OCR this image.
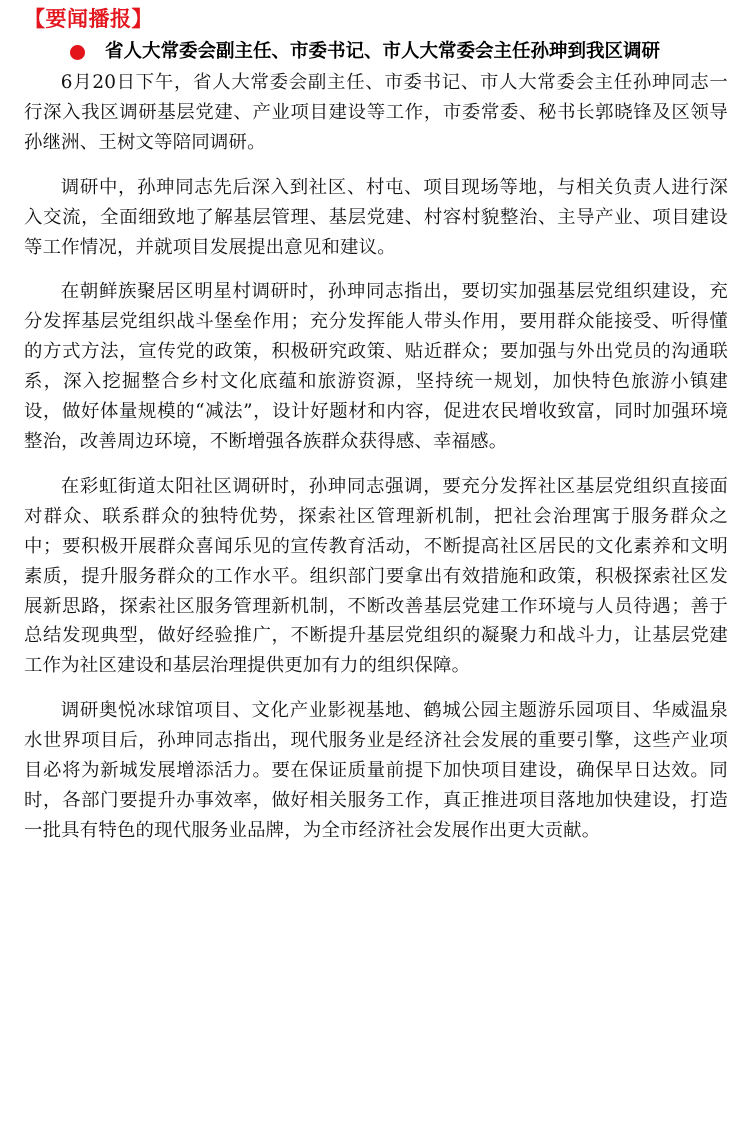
【要闻播报】
省人大常委会副主任、市委书记、市人大常委会主任孙珅到我区调研

6月20日下午，省人大常委会副主任、市委书记、市人大常委会主任孙珅同志一行深入我区调研基层党建、产业项目建设等工作，市委常委、秘书长郭晓锋及区领导孙继洲、王树文等陪同调研。

调研中，孙珅同志先后深入到社区、村屯、项目现场等地，与相关负责人进行深入交流，全面细致地了解基层管理、基层党建、村容村貌整治、主导产业、项目建设等工作情况，并就项目发展提出意见和建议。

在朝鲜族聚居区明星村调研时，孙珅同志指出，要切实加强基层党组织建设，充分发挥基层党组织战斗堡垒作用；充分发挥能人带头作用，要用群众能接受、听得懂的方式方法，宣传党的政策，积极研究政策、贴近群众；要加强与外出党员的沟通联系，深入挖掘整合乡村文化底蕴和旅游资源，坚持统一规划，加快特色旅游小镇建设，做好体量规模的“减法”，设计好题材和内容，促进农民增收致富，同时加强环境整治，改善周边环境，不断增强各族群众获得感、幸福感。

在彩虹街道太阳社区调研时，孙珅同志强调，要充分发挥社区基层党组织直接面对群众、联系群众的独特优势，探索社区管理新机制，把社会治理寓于服务群众之中；要积极开展群众喜闻乐见的宣传教育活动，不断提高社区居民的文化素养和文明素质，提升服务群众的工作水平。组织部门要拿出有效措施和政策，积极探索社区发展新思路，探索社区服务管理新机制，不断改善基层党建工作环境与人员待遇；善于总结发现典型，做好经验推广，不断提升基层党组织的凝聚力和战斗力，让基层党建工作为社区建设和基层治理提供更加有力的组织保障。

调研奥悦冰球馆项目、文化产业影视基地、鹤城公园主题游乐园项目、华威温泉水世界项目后，孙珅同志指出，现代服务业是经济社会发展的重要引擎，这些产业项目必将为新城发展增添活力。要在保证质量前提下加快项目建设，确保早日达效。同时，各部门要提升办事效率，做好相关服务工作，真正推进项目落地加快建设，打造一批具有特色的现代服务业品牌，为全市经济社会发展作出更大贡献。
